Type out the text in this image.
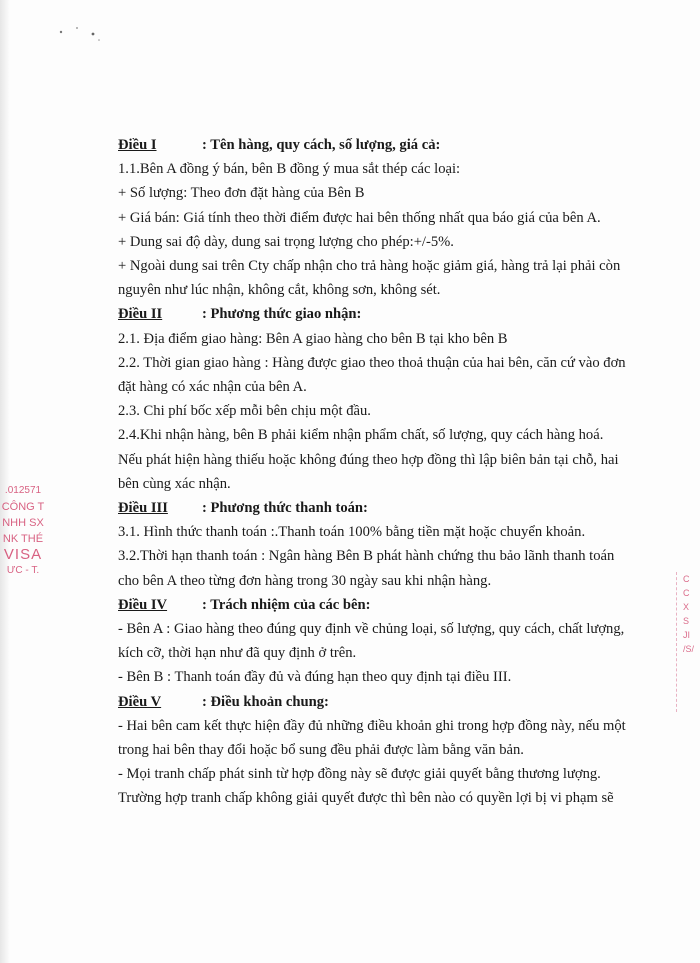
Điều I	: Tên hàng, quy cách, số lượng, giá cả:
1.1.Bên A đồng ý bán, bên B đồng ý mua sắt thép các loại:
+ Số lượng: Theo đơn đặt hàng của Bên B
+ Giá bán: Giá tính theo thời điểm được hai bên thống nhất qua báo giá của bên A.
+ Dung sai độ dày, dung sai trọng lượng cho phép:+/-5%.
+ Ngoài dung sai trên Cty chấp nhận cho trả hàng hoặc giảm giá, hàng trả lại phải còn
nguyên như lúc nhận, không cắt, không sơn, không sét.
Điều II	: Phương thức giao nhận:
2.1. Địa điểm giao hàng: Bên A giao hàng cho bên B tại kho bên B
2.2. Thời gian giao hàng : Hàng được giao theo thoả thuận của hai bên, căn cứ vào đơn
đặt hàng có xác nhận của bên A.
2.3. Chi phí bốc xếp mỗi bên chịu một đầu.
2.4.Khi nhận hàng, bên B phải kiểm nhận phẩm chất, số lượng, quy cách hàng hoá.
Nếu phát hiện hàng thiếu hoặc không đúng theo hợp đồng thì lập biên bản tại chỗ, hai
bên cùng xác nhận.
Điều III : Phương thức thanh toán:
3.1. Hình thức thanh toán :.Thanh toán 100% bằng tiền mặt hoặc chuyển khoản.
3.2.Thời hạn thanh toán : Ngân hàng Bên B phát hành chứng thu bảo lãnh thanh toán
cho bên A theo từng đơn hàng trong 30 ngày sau khi nhận hàng.
Điều IV : Trách nhiệm của các bên:
- Bên A : Giao hàng theo đúng quy định về chủng loại, số lượng, quy cách, chất lượng,
kích cỡ, thời hạn như đã quy định ở trên.
- Bên B : Thanh toán đầy đủ và đúng hạn theo quy định tại điều III.
Điều V	: Điều khoản chung:
- Hai bên cam kết thực hiện đầy đủ những điều khoản ghi trong hợp đồng này, nếu một
trong hai bên thay đổi hoặc bổ sung đều phải được làm bằng văn bản.
- Mọi tranh chấp phát sinh từ hợp đồng này sẽ được giải quyết bằng thương lượng.
Trường hợp tranh chấp không giải quyết được thì bên nào có quyền lợi bị vi phạm sẽ
.012571
CÔNG T
NHH SX
NK THÉ
VISA
ƯC - T.
C
C
X
S
JI
/S/
